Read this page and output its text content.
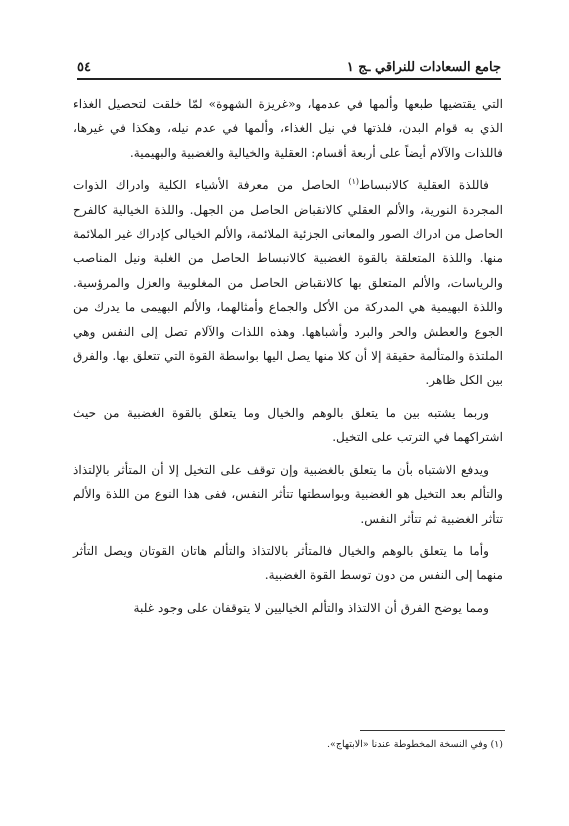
جامع السعادات للنراقي ـج ١
٥٤

التي يقتضيها طبعها وألمها في عدمها، و«غريزة الشهوة» لمّا خلقت لتحصيل الغذاء الذي به قوام البدن، فلذتها في نيل الغذاء، وألمها في عدم نيله، وهكذا في غيرها، فاللذات والآلام أيضاً على أربعة أقسام: العقلية والخيالية والغضبية والبهيمية.

فاللذة العقلية كالانبساط$^{(١)}$ الحاصل من معرفة الأشياء الكلية وادراك الذوات المجردة النورية، والألم العقلي كالانقباض الحاصل من الجهل. واللذة الخيالية كالفرح الحاصل من ادراك الصور والمعانى الجزئية الملائمة، والألم الخيالى كإدراك غير الملائمة منها. واللذة المتعلقة بالقوة الغضبية كالانبساط الحاصل من الغلبة ونيل المناصب والرياسات، والألم المتعلق بها كالانقباض الحاصل من المغلوبية والعزل والمرؤسية. واللذة البهيمية هي المدركة من الأكل والجماع وأمثالهما، والألم البهيمى ما يدرك من الجوع والعطش والحر والبرد وأشباهها. وهذه اللذات والآلام تصل إلى النفس وهي الملتذة والمتألمة حقيقة إلا أن كلا منها يصل اليها بواسطة القوة التي تتعلق بها. والفرق بين الكل ظاهر.

وربما يشتبه بين ما يتعلق بالوهم والخيال وما يتعلق بالقوة الغضبية من حيث اشتراكهما في الترتب على التخيل.

ويدفع الاشتباه بأن ما يتعلق بالغضبية وإن توقف على التخيل إلا أن المتأثر بالإلتذاذ والتألم بعد التخيل هو الغضبية وبواسطتها تتأثر النفس، ففى هذا النوع من اللذة والألم تتأثر الغضبية ثم تتأثر النفس.

وأما ما يتعلق بالوهم والخيال فالمتأثر بالالتذاذ والتألم هاتان القوتان ويصل التأثر منهما إلى النفس من دون توسط القوة الغضبية.

ومما يوضح الفرق أن الالتذاذ والتألم الخياليين لا يتوقفان على وجود غلبة

(١) وفي النسخة المخطوطة عندنا «الابتهاج».
